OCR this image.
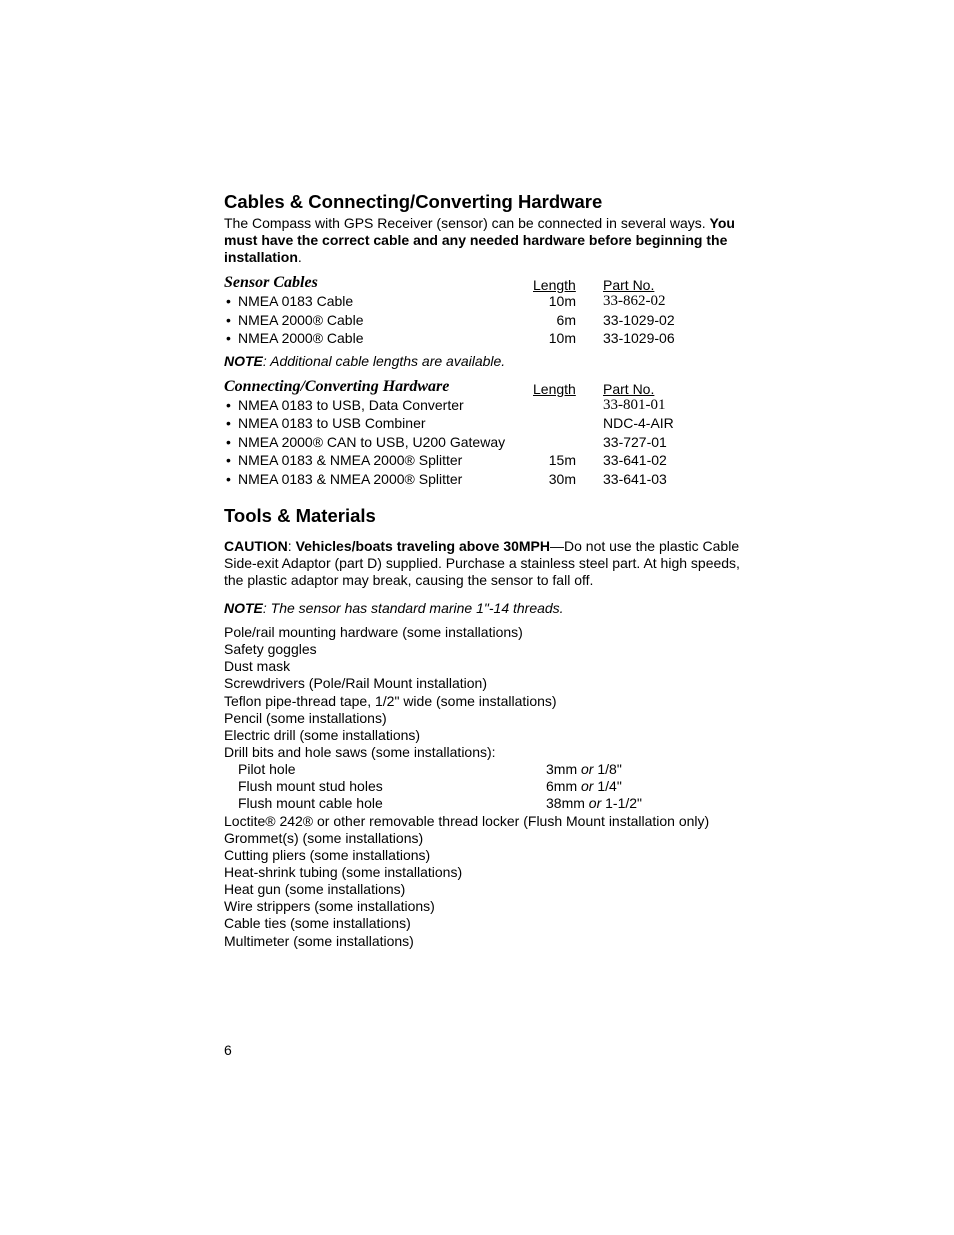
Cables & Connecting/Converting Hardware

The Compass with GPS Receiver (sensor) can be connected in several ways. You must have the correct cable and any needed hardware before beginning the installation.

Sensor Cables	Length Part No.
• NMEA 0183 Cable	10m 33-862-02
• NMEA 2000® Cable	6m 33-1029-02
• NMEA 2000® Cable	10m 33-1029-06

NOTE: Additional cable lengths are available.

Connecting/Converting Hardware	Length Part No.
• NMEA 0183 to USB, Data Converter	33-801-01
• NMEA 0183 to USB Combiner	NDC-4-AIR
• NMEA 2000® CAN to USB, U200 Gateway	33-727-01
• NMEA 0183 & NMEA 2000® Splitter	15m 33-641-02
• NMEA 0183 & NMEA 2000® Splitter	30m 33-641-03
Tools & Materials

CAUTION: Vehicles/boats traveling above 30MPH—Do not use the plastic Cable Side-exit Adaptor (part D) supplied. Purchase a stainless steel part. At high speeds, the plastic adaptor may break, causing the sensor to fall off.

NOTE: The sensor has standard marine 1"-14 threads.

Pole/rail mounting hardware (some installations)
Safety goggles
Dust mask
Screwdrivers (Pole/Rail Mount installation)
Teflon pipe-thread tape, 1/2" wide (some installations)
Pencil (some installations)
Electric drill (some installations)
Drill bits and hole saws (some installations):
Pilot hole	3mm or 1/8"
Flush mount stud holes	6mm or 1/4"
Flush mount cable hole	38mm or 1-1/2"
Loctite® 242® or other removable thread locker (Flush Mount installation only)
Grommet(s) (some installations)
Cutting pliers (some installations)
Heat-shrink tubing (some installations)
Heat gun (some installations)
Wire strippers (some installations)
Cable ties (some installations)
Multimeter (some installations)
6
